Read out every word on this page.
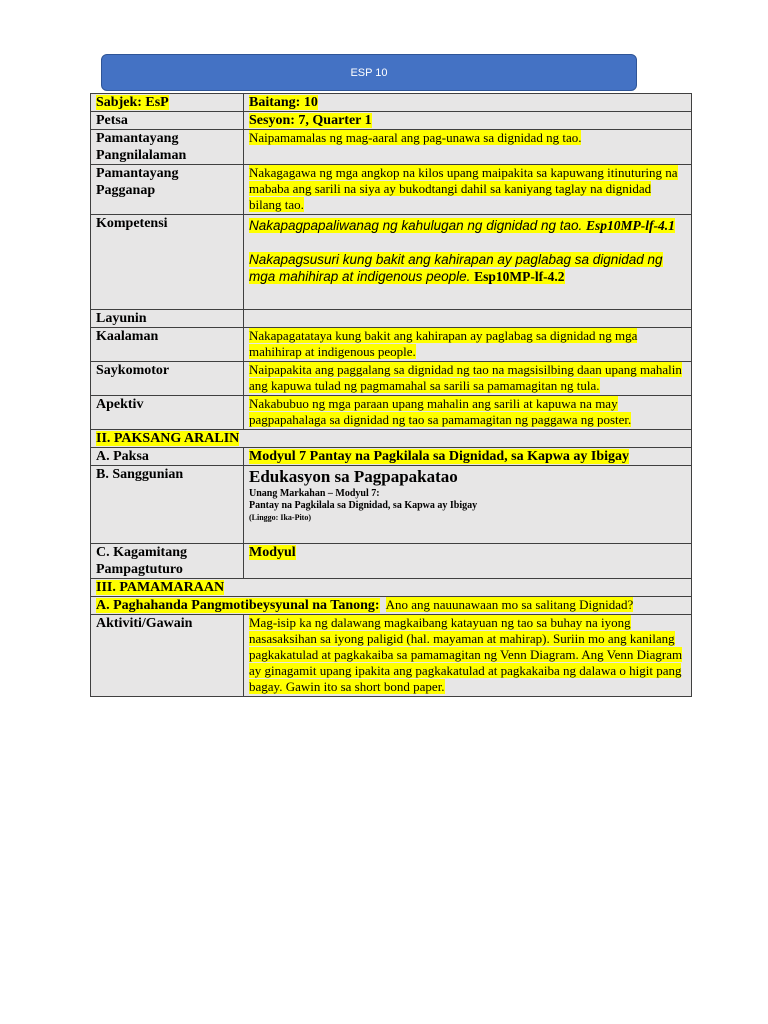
ESP 10
Sabjek: EsP	Baitang: 10
Petsa	Sesyon: 7, Quarter 1

Pamantayang
Pangnilalaman	Naipamamalas ng mag-aaral ang pag-unawa sa dignidad ng tao.

Pamantayang
Pagganap	Nakagagawa ng mga angkop na kilos upang maipakita sa kapuwang itinuturing na mababa ang sarili na siya ay bukodtangi dahil sa kaniyang taglay na dignidad bilang tao.
Kompetensi	Nakapagpapaliwanag ng kahulugan ng dignidad ng tao. Esp10MP-lf-4.1
Nakapagsusuri kung bakit ang kahirapan ay paglabag sa dignidad ng mga mahihirap at indigenous people. Esp10MP-lf-4.2

Layunin	
Kaalaman	Nakapagatataya kung bakit ang kahirapan ay paglabag sa dignidad ng mga mahihirap at indigenous people.
Saykomotor	Naipapakita ang paggalang sa dignidad ng tao na magsisilbing daan upang mahalin ang kapuwa tulad ng pagmamahal sa sarili sa pamamagitan ng tula.
Apektiv	Nakabubuo ng mga paraan upang mahalin ang sarili at kapuwa na may pagpapahalaga sa dignidad ng tao sa pamamagitan ng paggawa ng poster.
II. PAKSANG ARALIN	
A. Paksa	Modyul 7 Pantay na Pagkilala sa Dignidad, sa Kapwa ay Ibigay
B. Sanggunian	Edukasyon sa Pagpapakatao
Unang Markahan – Modyul 7:
Pantay na Pagkilala sa Dignidad, sa Kapwa ay Ibigay
(Linggo: Ika-Pito)

C. Kagamitang
Pampagtuturo	Modyul
III. PAMAMARAAN	
A. Paghahanda Pangmotibeysyunal na Tanong: Ano ang nauunawaan mo sa salitang Dignidad?	
Aktiviti/Gawain	Mag-isip ka ng dalawang magkaibang katayuan ng tao sa buhay na iyong nasasaksihan sa iyong paligid (hal. mayaman at mahirap). Suriin mo ang kanilang pagkakatulad at pagkakaiba sa pamamagitan ng Venn Diagram. Ang Venn Diagram ay ginagamit upang ipakita ang pagkakatulad at pagkakaiba ng dalawa o higit pang bagay. Gawin ito sa short bond paper.
